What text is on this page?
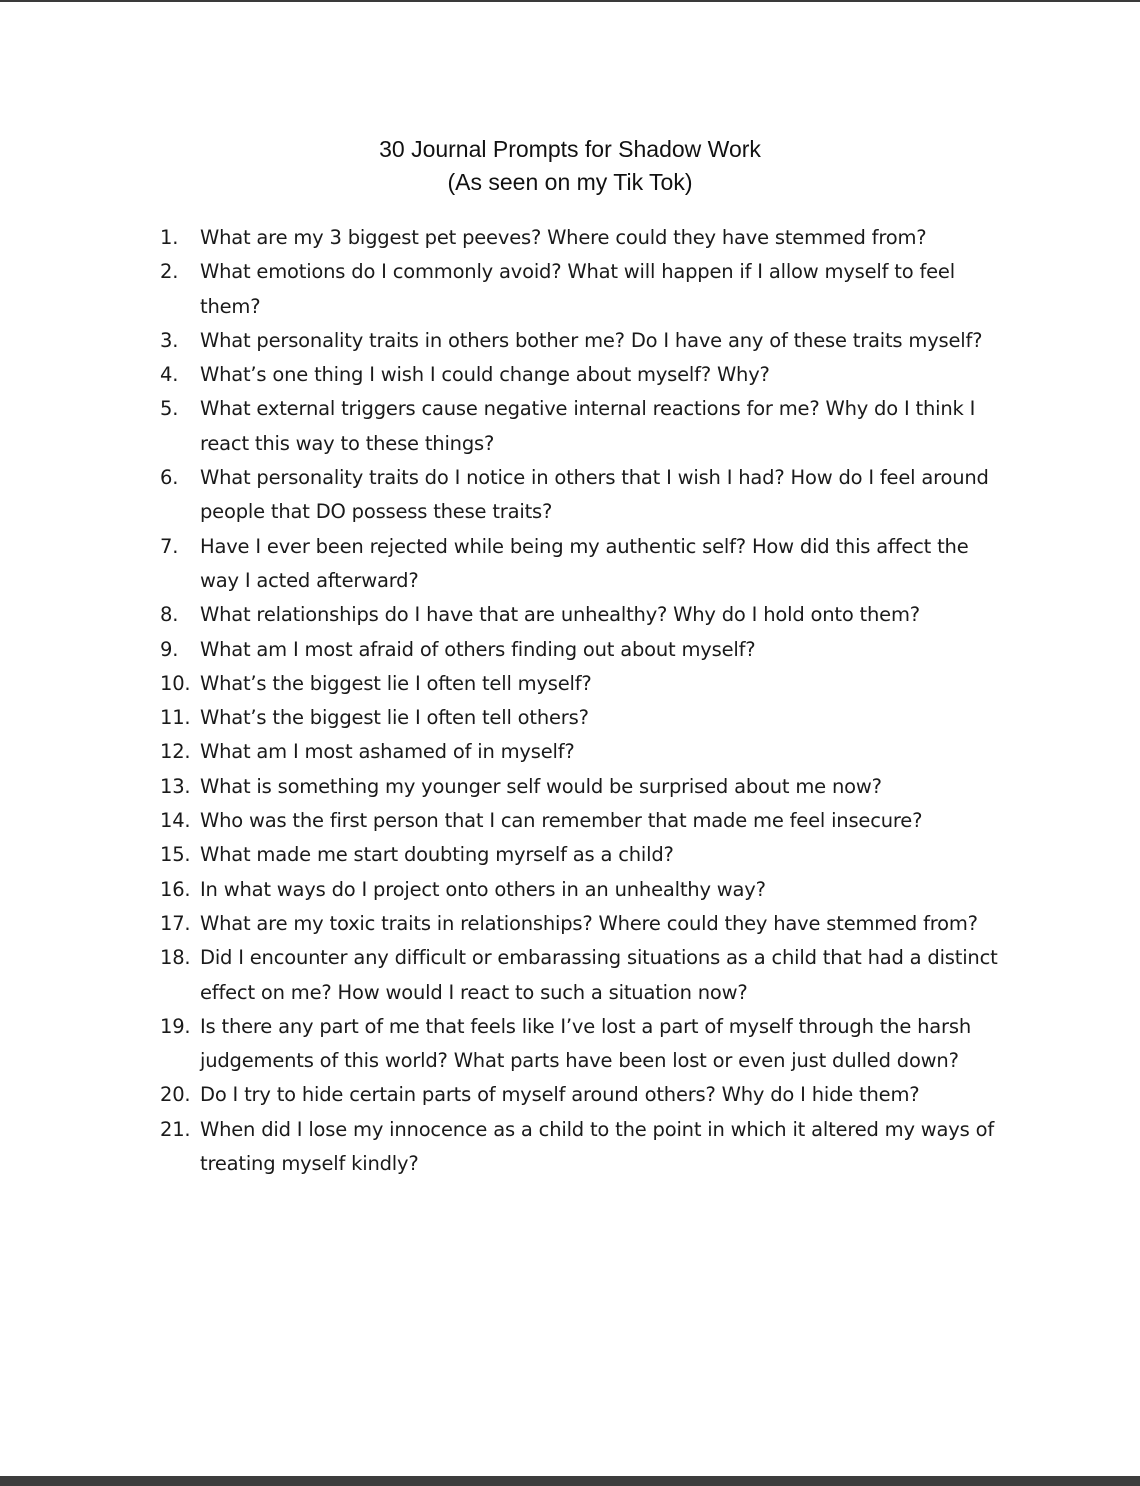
30 Journal Prompts for Shadow Work
(As seen on my Tik Tok)
1.	What are my 3 biggest pet peeves? Where could they have stemmed from?
2.	What emotions do I commonly avoid? What will happen if I allow myself to feel them?
3.	What personality traits in others bother me? Do I have any of these traits myself?
4.	What’s one thing I wish I could change about myself? Why?
5.	What external triggers cause negative internal reactions for me? Why do I think I react this way to these things?
6.	What personality traits do I notice in others that I wish I had? How do I feel around people that DO possess these traits?
7.	Have I ever been rejected while being my authentic self? How did this affect the way I acted afterward?
8.	What relationships do I have that are unhealthy? Why do I hold onto them?
9.	What am I most afraid of others finding out about myself?
10. What’s the biggest lie I often tell myself?
11. What’s the biggest lie I often tell others?
12. What am I most ashamed of in myself?
13. What is something my younger self would be surprised about me now?
14. Who was the first person that I can remember that made me feel insecure?
15. What made me start doubting myrself as a child?
16. In what ways do I project onto others in an unhealthy way?
17. What are my toxic traits in relationships? Where could they have stemmed from?
18. Did I encounter any difficult or embarassing situations as a child that had a distinct effect on me? How would I react to such a situation now?
19. Is there any part of me that feels like I’ve lost a part of myself through the harsh judgements of this world? What parts have been lost or even just dulled down?
20. Do I try to hide certain parts of myself around others? Why do I hide them?
21. When did I lose my innocence as a child to the point in which it altered my ways of treating myself kindly?
